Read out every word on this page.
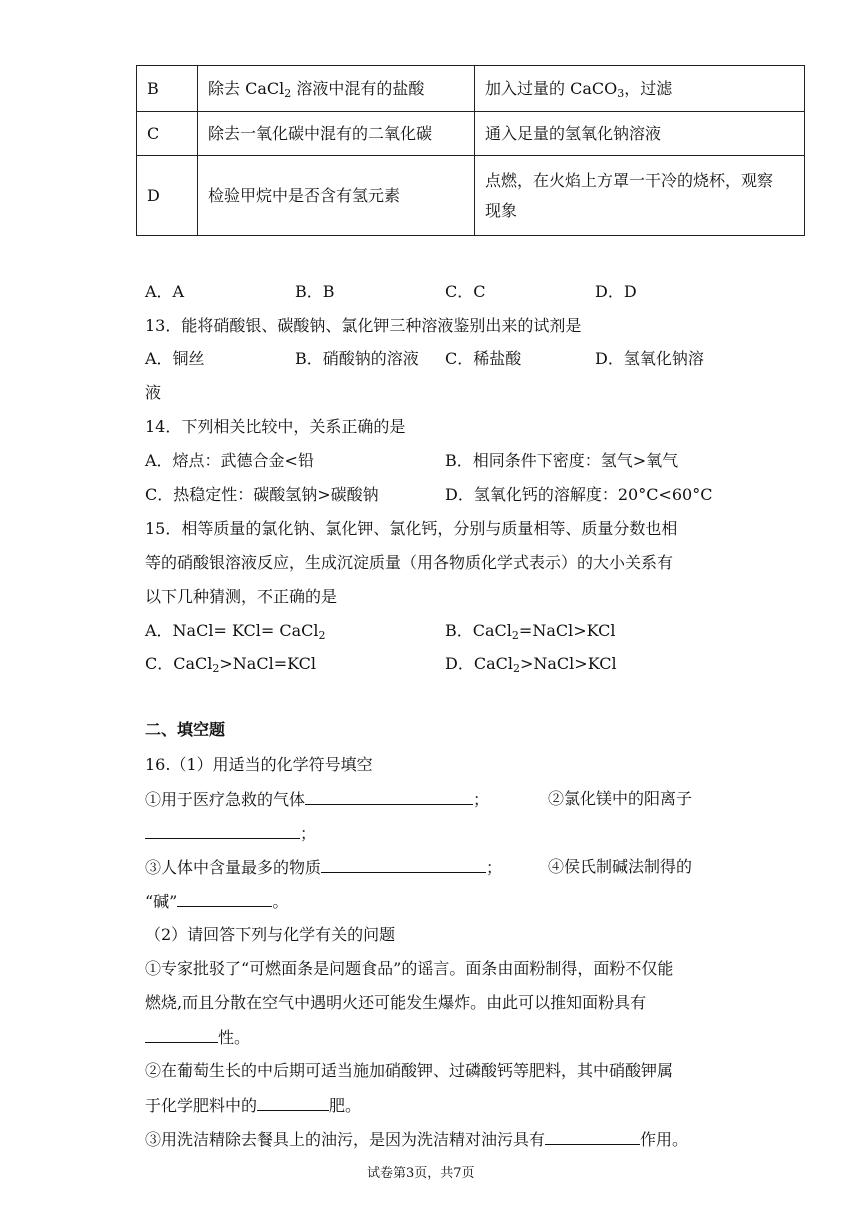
B	除去 CaCl$_2$ 溶液中混有的盐酸	加入过量的 CaCO$_3$，过滤
C	除去一氧化碳中混有的二氧化碳	通入足量的氢氧化钠溶液
D	检验甲烷中是否含有氢元素	点燃，在火焰上方罩一干冷的烧杯，观察
现象
A．A	B．B	C．C	D．D
13．能将硝酸银、碳酸钠、氯化钾三种溶液鉴别出来的试剂是
A．铜丝	B．硝酸钠的溶液 C．稀盐酸	D．氢氧化钠溶
液
14．下列相关比较中，关系正确的是
A．熔点：武德合金<铅	B．相同条件下密度：氢气>氧气
C．热稳定性：碳酸氢钠>碳酸钠	D．氢氧化钙的溶解度：20°C<60°C
15．相等质量的氯化钠、氯化钾、氯化钙，分别与质量相等、质量分数也相
等的硝酸银溶液反应，生成沉淀质量（用各物质化学式表示）的大小关系有
以下几种猜测，不正确的是
A．NaCl= KCl= CaCl$_2$	B．CaCl$_2$=NaCl>KCl
C．CaCl$_2$>NaCl=KCl	D．CaCl$_2$>NaCl>KCl
二、填空题
16.（1）用适当的化学符号填空
①用于医疗急救的气体	；	②氯化镁中的阳离子
；
③人体中含量最多的物质	；	④侯氏制碱法制得的
“碱”	。
（2）请回答下列与化学有关的问题
①专家批驳了“可燃面条是问题食品”的谣言。面条由面粉制得，面粉不仅能
燃烧,而且分散在空气中遇明火还可能发生爆炸。由此可以推知面粉具有
性。
②在葡萄生长的中后期可适当施加硝酸钾、过磷酸钙等肥料，其中硝酸钾属
于化学肥料中的	肥。
③用洗洁精除去餐具上的油污，是因为洗洁精对油污具有	作用。
试卷第3页，共7页
